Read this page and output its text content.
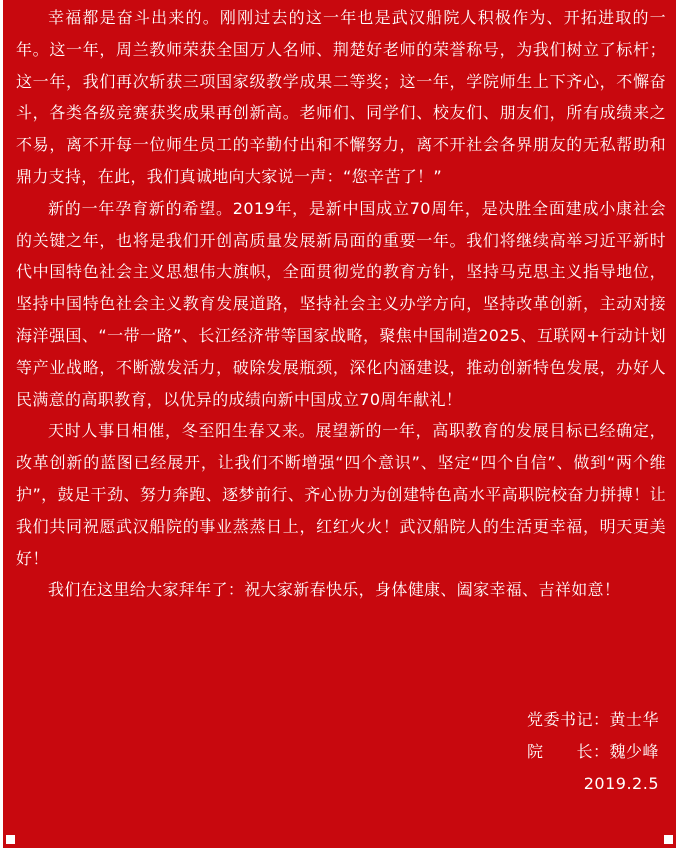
幸福都是奋斗出来的。刚刚过去的这一年也是武汉船院人积极作为、开拓进取的一年。这一年，周兰教师荣获全国万人名师、荆楚好老师的荣誉称号，为我们树立了标杆；这一年，我们再次斩获三项国家级教学成果二等奖；这一年，学院师生上下齐心，不懈奋斗，各类各级竞赛获奖成果再创新高。老师们、同学们、校友们、朋友们，所有成绩来之不易，离不开每一位师生员工的辛勤付出和不懈努力，离不开社会各界朋友的无私帮助和鼎力支持，在此，我们真诚地向大家说一声：“您辛苦了！”

新的一年孕育新的希望。2019年，是新中国成立70周年，是决胜全面建成小康社会的关键之年，也将是我们开创高质量发展新局面的重要一年。我们将继续高举习近平新时代中国特色社会主义思想伟大旗帜，全面贯彻党的教育方针，坚持马克思主义指导地位，坚持中国特色社会主义教育发展道路，坚持社会主义办学方向，坚持改革创新，主动对接海洋强国、“一带一路”、长江经济带等国家战略，聚焦中国制造2025、互联网+行动计划等产业战略，不断激发活力，破除发展瓶颈，深化内涵建设，推动创新特色发展，办好人民满意的高职教育，以优异的成绩向新中国成立70周年献礼！

天时人事日相催，冬至阳生春又来。展望新的一年，高职教育的发展目标已经确定，改革创新的蓝图已经展开，让我们不断增强“四个意识”、坚定“四个自信”、做到“两个维护”，鼓足干劲、努力奔跑、逐梦前行、齐心协力为创建特色高水平高职院校奋力拼搏！让我们共同祝愿武汉船院的事业蒸蒸日上，红红火火！武汉船院人的生活更幸福，明天更美好！

我们在这里给大家拜年了：祝大家新春快乐，身体健康、阖家幸福、吉祥如意！

党委书记：黄士华
院　　长：魏少峰
2019.2.5
